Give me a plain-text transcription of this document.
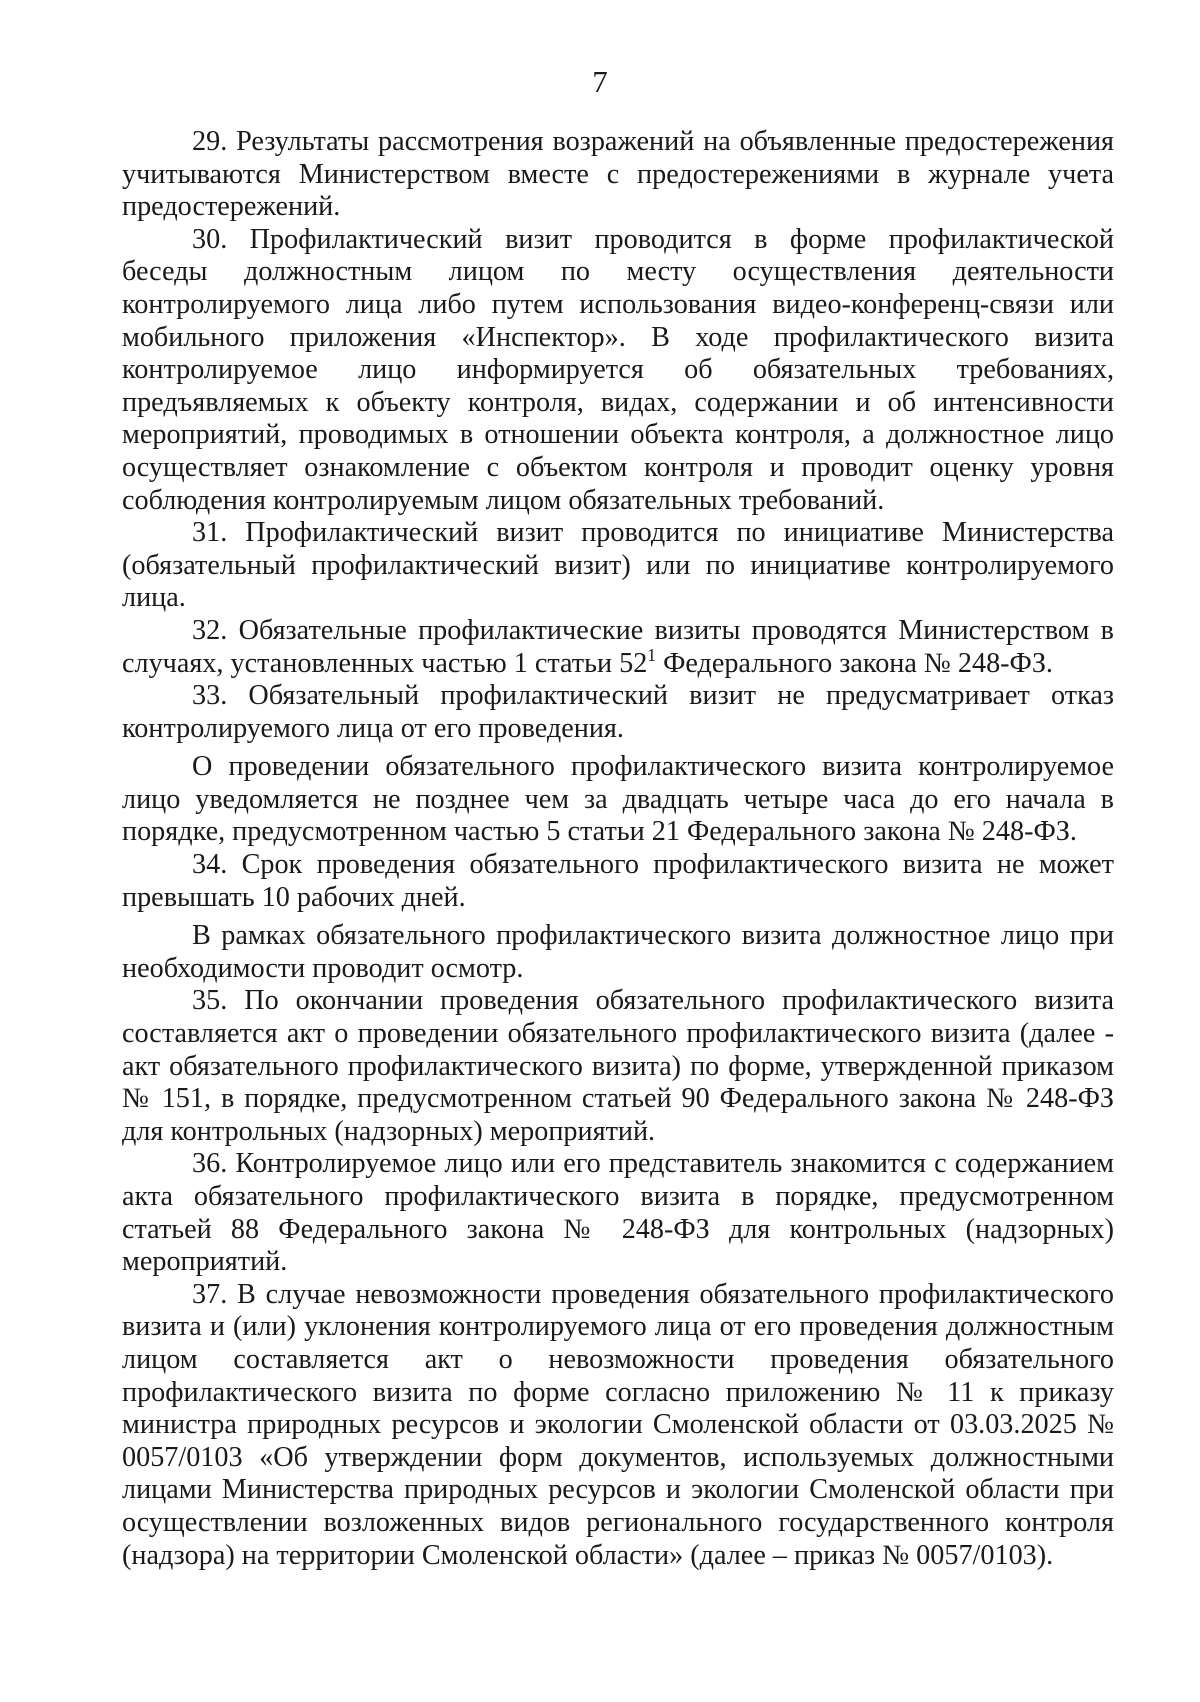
7

29. Результаты рассмотрения возражений на объявленные предостережения учитываются Министерством вместе с предостережениями в журнале учета предостережений.

30. Профилактический визит проводится в форме профилактической беседы должностным лицом по месту осуществления деятельности контролируемого лица либо путем использования видео-конференц-связи или мобильного приложения «Инспектор». В ходе профилактического визита контролируемое лицо информируется об обязательных требованиях, предъявляемых к объекту контроля, видах, содержании и об интенсивности мероприятий, проводимых в отношении объекта контроля, а должностное лицо осуществляет ознакомление с объектом контроля и проводит оценку уровня соблюдения контролируемым лицом обязательных требований.

31. Профилактический визит проводится по инициативе Министерства (обязательный профилактический визит) или по инициативе контролируемого лица.

32. Обязательные профилактические визиты проводятся Министерством в случаях, установленных частью 1 статьи $52^1$ Федерального закона № 248-ФЗ.

33. Обязательный профилактический визит не предусматривает отказ контролируемого лица от его проведения.

О проведении обязательного профилактического визита контролируемое лицо уведомляется не позднее чем за двадцать четыре часа до его начала в порядке, предусмотренном частью 5 статьи 21 Федерального закона № 248-ФЗ.

34. Срок проведения обязательного профилактического визита не может превышать 10 рабочих дней.

В рамках обязательного профилактического визита должностное лицо при необходимости проводит осмотр.

35. По окончании проведения обязательного профилактического визита составляется акт о проведении обязательного профилактического визита (далее - акт обязательного профилактического визита) по форме, утвержденной приказом № 151, в порядке, предусмотренном статьей 90 Федерального закона № 248-ФЗ для контрольных (надзорных) мероприятий.

36. Контролируемое лицо или его представитель знакомится с содержанием акта обязательного профилактического визита в порядке, предусмотренном статьей 88 Федерального закона № 248-ФЗ для контрольных (надзорных) мероприятий.

37. В случае невозможности проведения обязательного профилактического визита и (или) уклонения контролируемого лица от его проведения должностным лицом составляется акт о невозможности проведения обязательного профилактического визита по форме согласно приложению № 11 к приказу министра природных ресурсов и экологии Смоленской области от 03.03.2025 № 0057/0103 «Об утверждении форм документов, используемых должностными лицами Министерства природных ресурсов и экологии Смоленской области при осуществлении возложенных видов регионального государственного контроля (надзора) на территории Смоленской области» (далее – приказ № 0057/0103).
